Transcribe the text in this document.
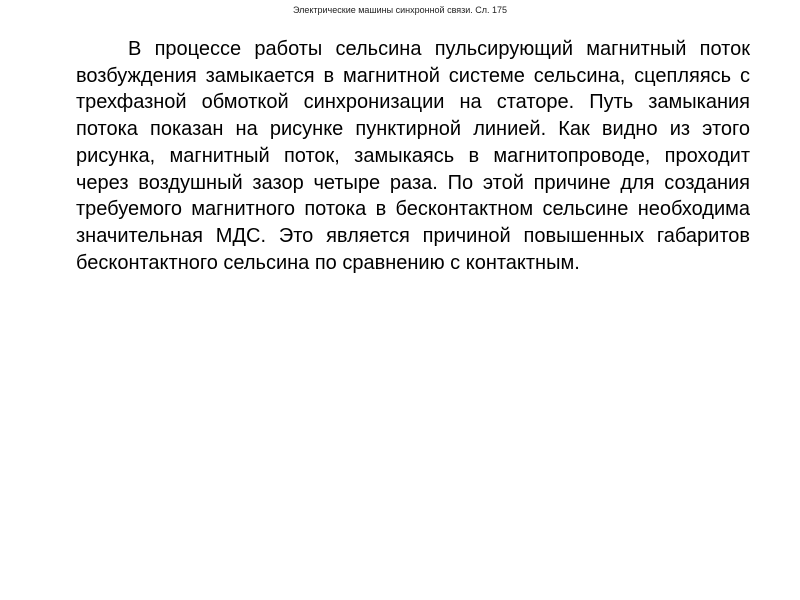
Электрические машины синхронной связи. Сл. 175

В процессе работы сельсина пульсирующий магнитный поток возбуждения замыкается в магнитной системе сельсина, сцепляясь с трехфазной обмоткой синхронизации на статоре. Путь замыкания потока показан на рисунке пунктирной линией. Как видно из этого рисунка, магнитный поток, замыкаясь в магнитопроводе, проходит через воздушный зазор четыре раза. По этой причине для создания требуемого магнитного потока в бесконтактном сельсине необходима значительная МДС. Это является причиной повышенных габаритов бесконтактного сельсина по сравнению с контактным.
